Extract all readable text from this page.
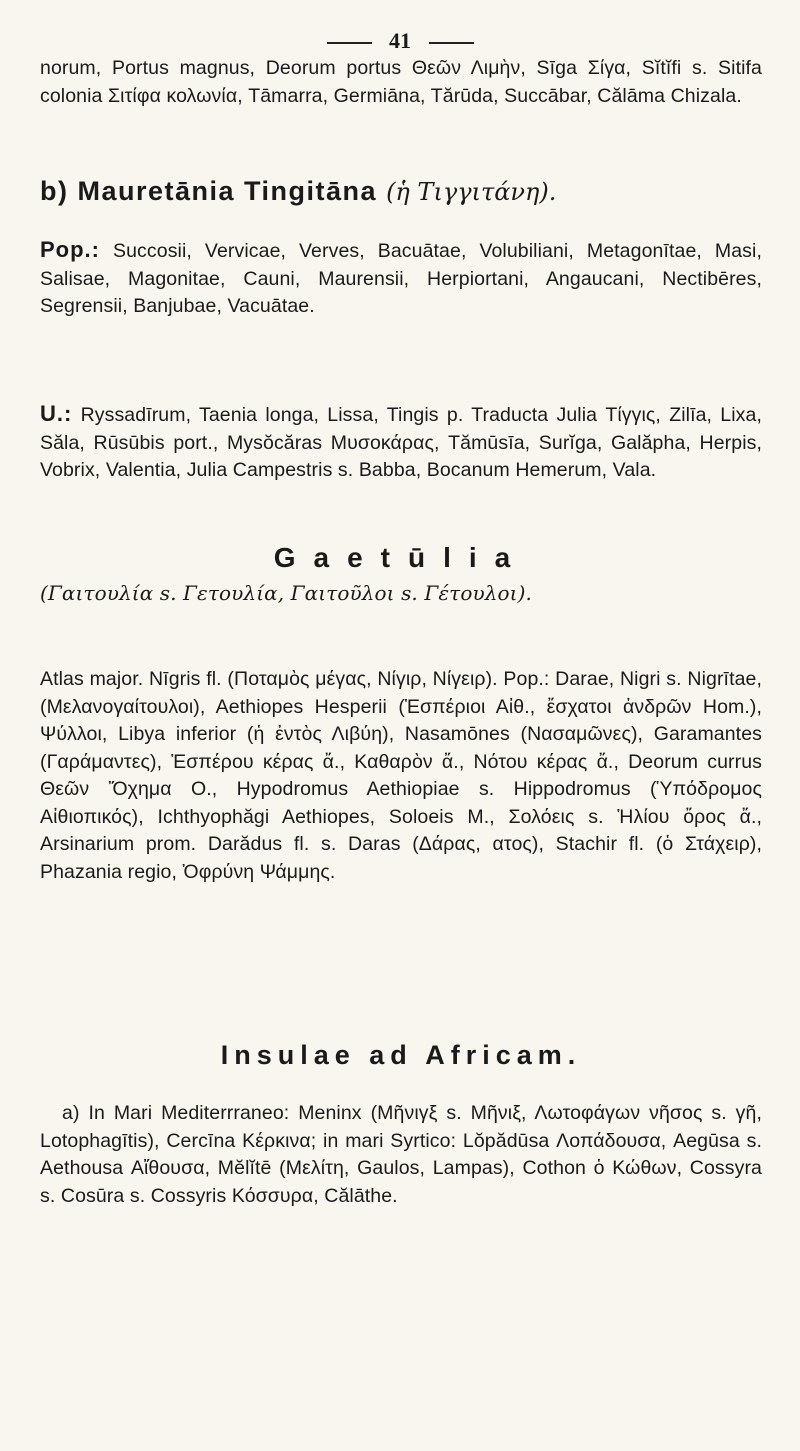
41

norum, Portus magnus, Deorum portus Θεῶν Λιμὴν, Sīga Σίγα, Sĭtĭfi s. Sitifa colonia Σιτίφα κολωνία, Tāmarra, Germiāna, Tărūda, Succābar, Călāma Chizala.

b) Mauretānia Tingitāna (ἡ Τιγγιτάνη).

Pop.: Succosii, Vervicae, Verves, Bacuātae, Volubiliani, Metagonītae, Masi, Salisae, Magonitae, Cauni, Maurensii, Herpiortani, Angaucani, Nectibēres, Segrensii, Banjubae, Vacuātae.

U.: Ryssadīrum, Taenia longa, Lissa, Tingis p. Traducta Julia Τίγγις, Zilīa, Lixa, Săla, Rūsūbis port., Mysŏcăras Μυσοκάρας, Tămūsīa, Surĭga, Galăpha, Herpis, Vobrix, Valentia, Julia Campestris s. Babba, Bocanum Hemerum, Vala.

Gaetūlia

(Γαιτουλία s. Γετουλία, Γαιτοῦλοι s. Γέτουλοι).

Atlas major. Nīgris fl. (Ποταμὸς μέγας, Νίγιρ, Νίγειρ). Pop.: Darae, Nigri s. Nigrītae, (Μελανογαίτουλοι), Aethiopes Hesperii (Ἑσπέριοι Αἰθ., ἔσχατοι ἀνδρῶν Hom.), Ψύλλοι, Libya inferior (ἡ ἐντὸς Λιβύη), Nasamōnes (Νασαμῶνες), Garamantes (Γαράμαντες), Ἑσπέρου κέρας ἄ., Καθαρὸν ἄ., Νότου κέρας ἄ., Deorum currus Θεῶν Ὄχημα O., Hypodromus Aethiopiae s. Hippodromus (Ὑπόδρομος Αἰθιοπικός), Ichthyophăgi Aethiopes, Soloeis M., Σολόεις s. Ἡλίου ὄρος ἄ., Arsinarium prom. Darădus fl. s. Daras (Δάρας, ατος), Stachir fl. (ὁ Στάχειρ), Phazania regio, Ὀφρύνη Ψάμμης.

Insulae ad Africam.

a) In Mari Mediterrraneo: Meninx (Μῆνιγξ s. Μῆνιξ, Λωτοφάγων νῆσος s. γῆ, Lotophagītis), Cercīna Κέρκινα; in mari Syrtico: Lŏpădūsa Λοπάδουσα, Aegūsa s. Aethousa Αἴθουσα, Mĕlĭtē (Μελίτη, Gaulos, Lampas), Cothon ὁ Κώθων, Cossyra s. Cosūra s. Cossyris Κόσσυρα, Călāthe.
